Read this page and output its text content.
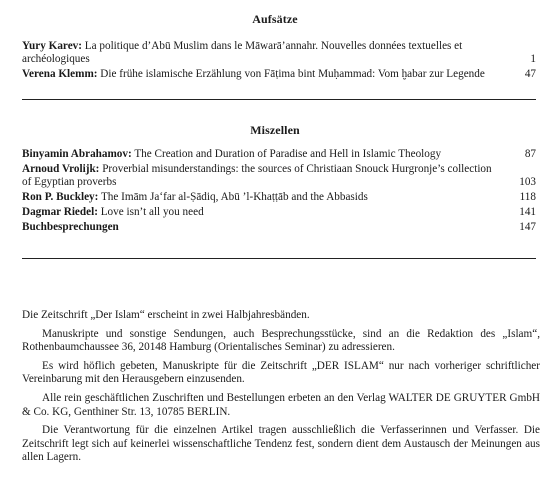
Aufsätze
Yury Karev: La politique d’Abū Muslim dans le Māwarā’annahr. Nouvelles données textuelles et archéologiques	1
Verena Klemm: Die frühe islamische Erzählung von Fāṭima bint Muḥammad: Vom ḫabar zur Legende	47
Miszellen
Binyamin Abrahamov: The Creation and Duration of Paradise and Hell in Islamic Theology	87
Arnoud Vrolijk: Proverbial misunderstandings: the sources of Christiaan Snouck Hurgronje’s collection of Egyptian proverbs	103
Ron P. Buckley: The Imām Ja‘far al-Ṣādiq, Abū ’l-Khaṭṭāb and the Abbasids	118
Dagmar Riedel: Love isn’t all you need	141
Buchbesprechungen	147

Die Zeitschrift „Der Islam“ erscheint in zwei Halbjahresbänden.

Manuskripte und sonstige Sendungen, auch Besprechungsstücke, sind an die Redaktion des „Islam“, Rothenbaumchaussee 36, 20148 Hamburg (Orientalisches Seminar) zu adressieren.

Es wird höflich gebeten, Manuskripte für die Zeitschrift „DER ISLAM“ nur nach vorheriger schriftlicher Vereinbarung mit den Herausgebern einzusenden.

Alle rein geschäftlichen Zuschriften und Bestellungen erbeten an den Verlag WALTER DE GRUYTER GmbH & Co. KG, Genthiner Str. 13, 10785 BERLIN.

Die Verantwortung für die einzelnen Artikel tragen ausschließlich die Verfasserinnen und Verfasser. Die Zeitschrift legt sich auf keinerlei wissenschaftliche Tendenz fest, sondern dient dem Austausch der Meinungen aus allen Lagern.
